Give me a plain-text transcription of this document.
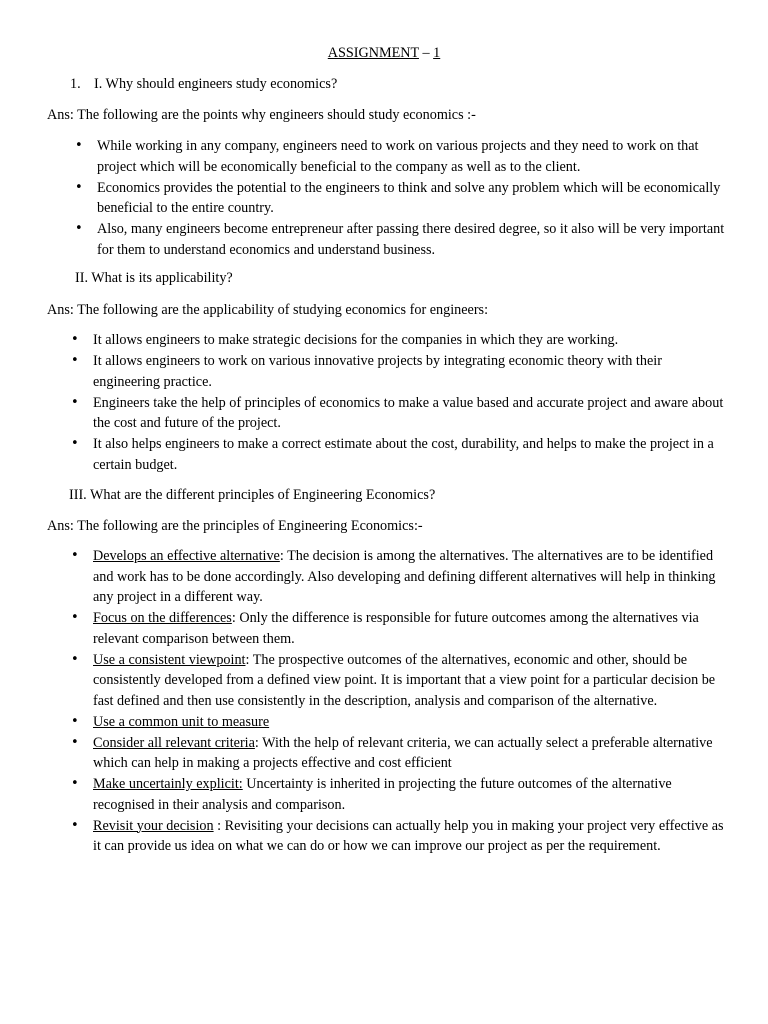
ASSIGNMENT – 1
1. I. Why should engineers study economics?
Ans: The following are the points why engineers should study economics :-
• While working in any company, engineers need to work on various projects and they need to work on that project which will be economically beneficial to the company as well as to the client.
• Economics provides the potential to the engineers to think and solve any problem which will be economically beneficial to the entire country.
• Also, many engineers become entrepreneur after passing there desired degree, so it also will be very important for them to understand economics and understand business.
II. What is its applicability?
Ans: The following are the applicability of studying economics for engineers:
• It allows engineers to make strategic decisions for the companies in which they are working.
• It allows engineers to work on various innovative projects by integrating economic theory with their engineering practice.
• Engineers take the help of principles of economics to make a value based and accurate project and aware about the cost and future of the project.
• It also helps engineers to make a correct estimate about the cost, durability, and helps to make the project in a certain budget.
III. What are the different principles of Engineering Economics?
Ans: The following are the principles of Engineering Economics:-
• Develops an effective alternative: The decision is among the alternatives. The alternatives are to be identified and work has to be done accordingly. Also developing and defining different alternatives will help in thinking any project in a different way.
• Focus on the differences: Only the difference is responsible for future outcomes among the alternatives via relevant comparison between them.
• Use a consistent viewpoint: The prospective outcomes of the alternatives, economic and other, should be consistently developed from a defined view point. It is important that a view point for a particular decision be fast defined and then use consistently in the description, analysis and comparison of the alternative.
• Use a common unit to measure
• Consider all relevant criteria: With the help of relevant criteria, we can actually select a preferable alternative which can help in making a projects effective and cost efficient
• Make uncertainly explicit: Uncertainty is inherited in projecting the future outcomes of the alternative recognised in their analysis and comparison.
• Revisit your decision : Revisiting your decisions can actually help you in making your project very effective as it can provide us idea on what we can do or how we can improve our project as per the requirement.
